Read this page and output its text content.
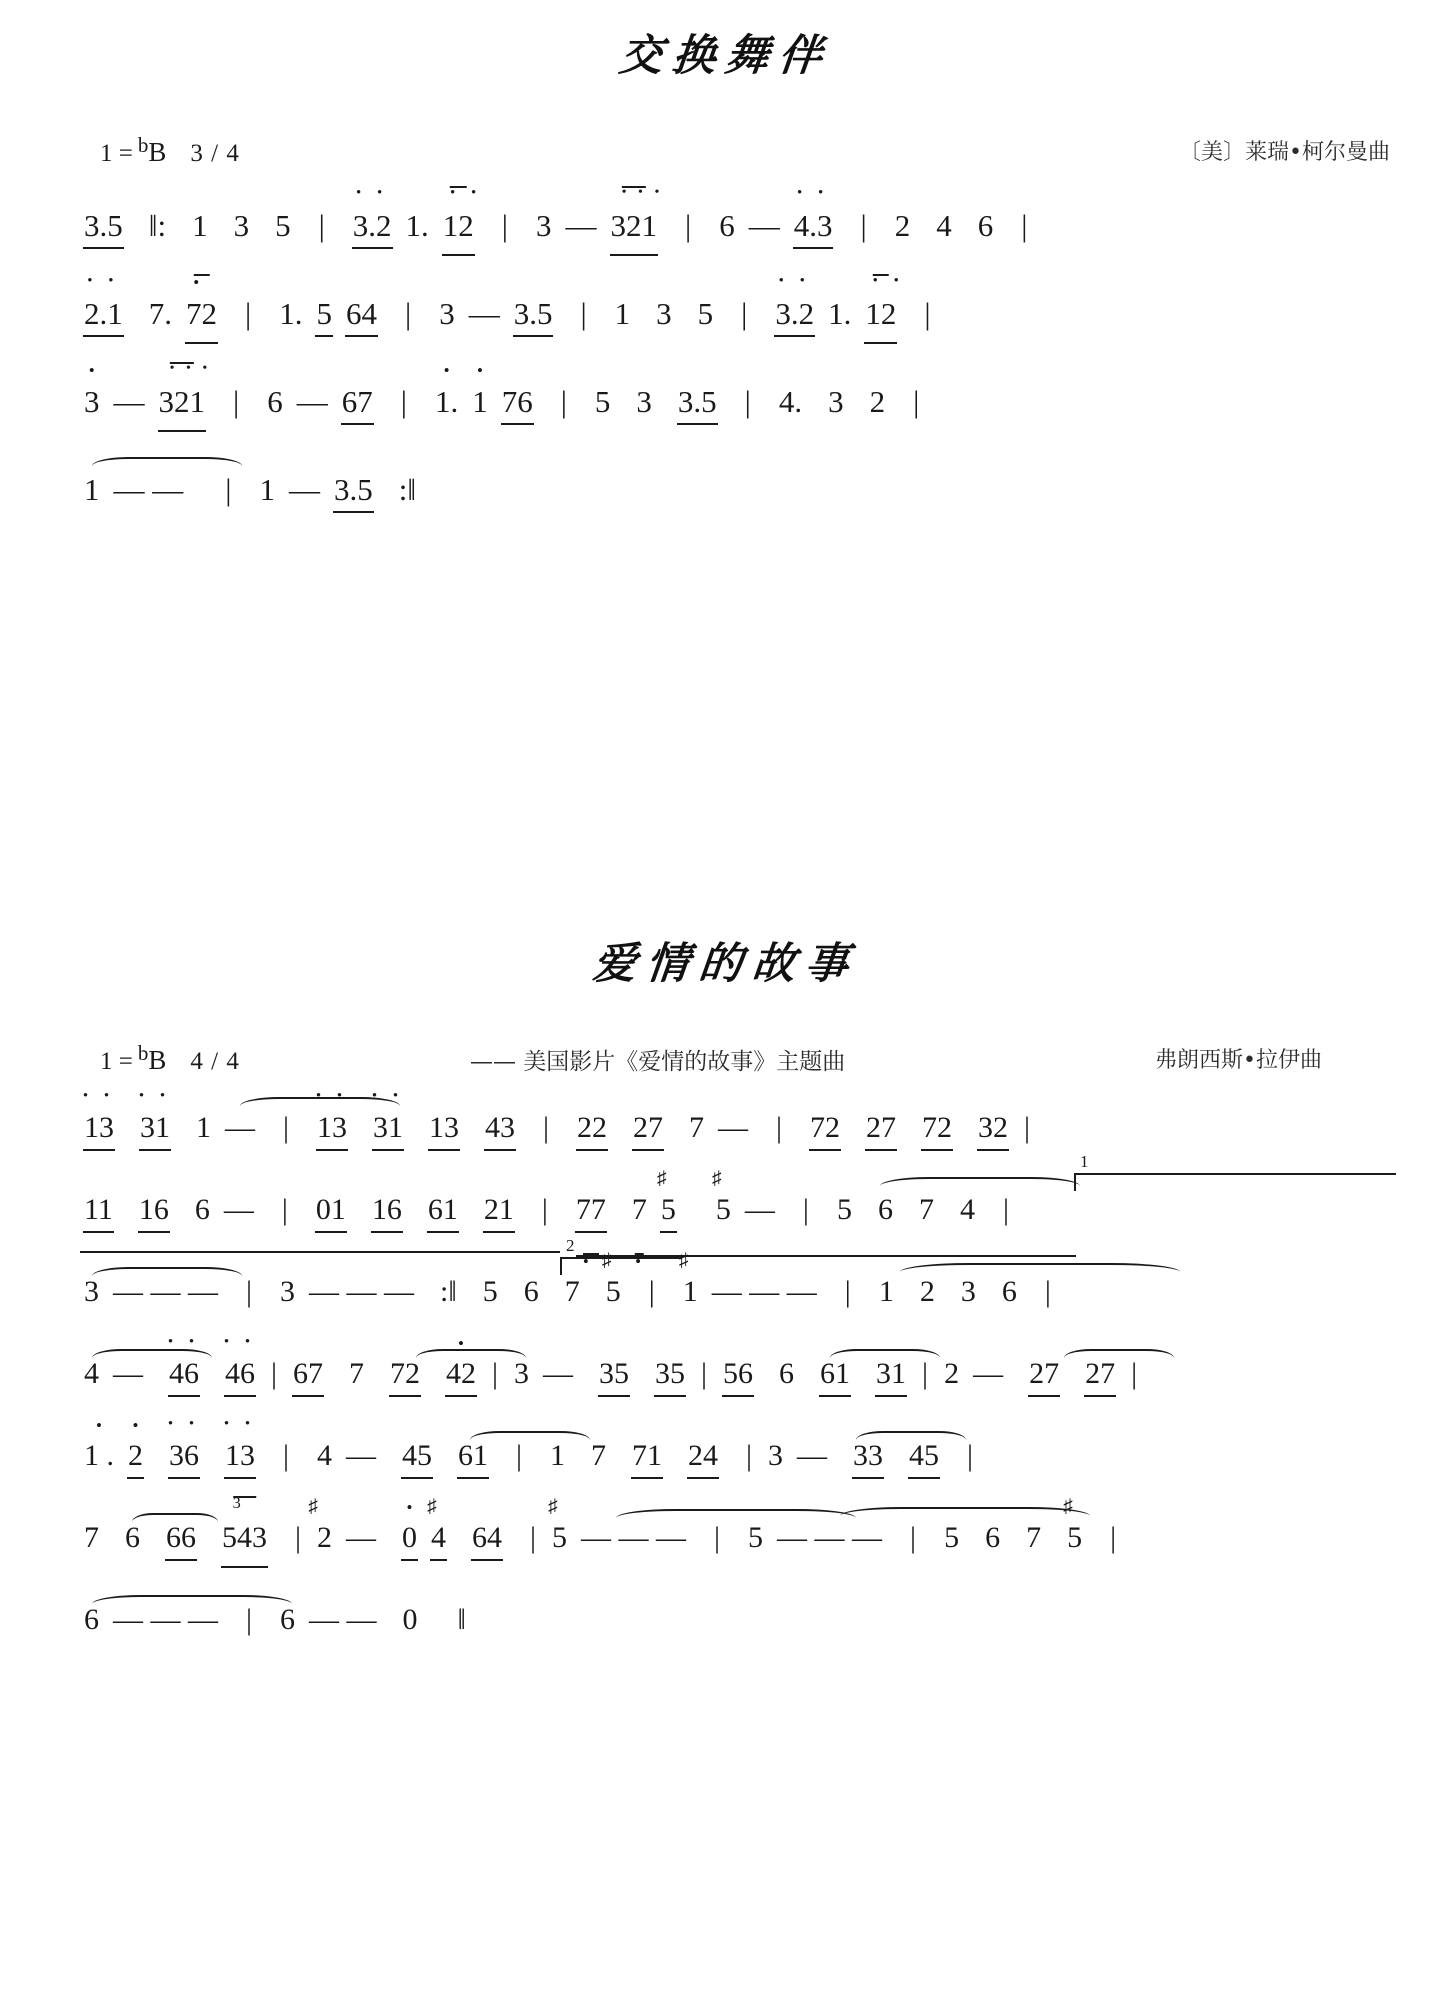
交换舞伴
1 = $^b$B 3 / 4	〔美〕莱瑞•柯尔曼曲
3.5 ‖: 1 3 5 | • • 3.2 1. • • 12 | 3 — • • • 321 | 6 — • • 4.3 | 2 4 6 |
• • 2.1 7. • 72 | 1. 5 64 | 3 — 3.5 | 1 3 5 | • • 3.2 1. • • 12 |
• 3 — • • • 321 | 6 — 67 | • 1. • 1 76 | 5 3 3.5 | 4. 3 2 |
1 — — | 1 — 3.5 :‖
爱情的故事
1 = $^b$B 4 / 4	—— 美国影片《爱情的故事》主题曲	弗朗西斯•拉伊曲
• • 13 • • 31 1 — | • • 13 • • 31 13 43 | 22 27 7 — | 72 27 72 32 |
11 16 6 — | 01 16 61 21 | 77 • 7 • ♯ 5 ♯ 5 — | 5 6 7 4 |
1
3 — — — | 3 — — — :‖ 5 6 7 ♯ 5 | ♯ 1 — — — | 1 2 3 6 |
2
4 — • • 46 • • 46 | 67 7 72 • 42 | 3 — 35 35 | 56 6 61 31 | 2 — 27 27 |
• 1 . • 2 • • 36 • • 13 | 4 — 45 61 | 1 7 71 24 | 3 — 33 45 |
7 6 66 3 543 | ♯ 2 — • 0 ♯ 4 64 | ♯ 5 — — — | 5 — — — | 5 6 7 ♯ 5 |
6 — — — | 6 — — 0 ‖
